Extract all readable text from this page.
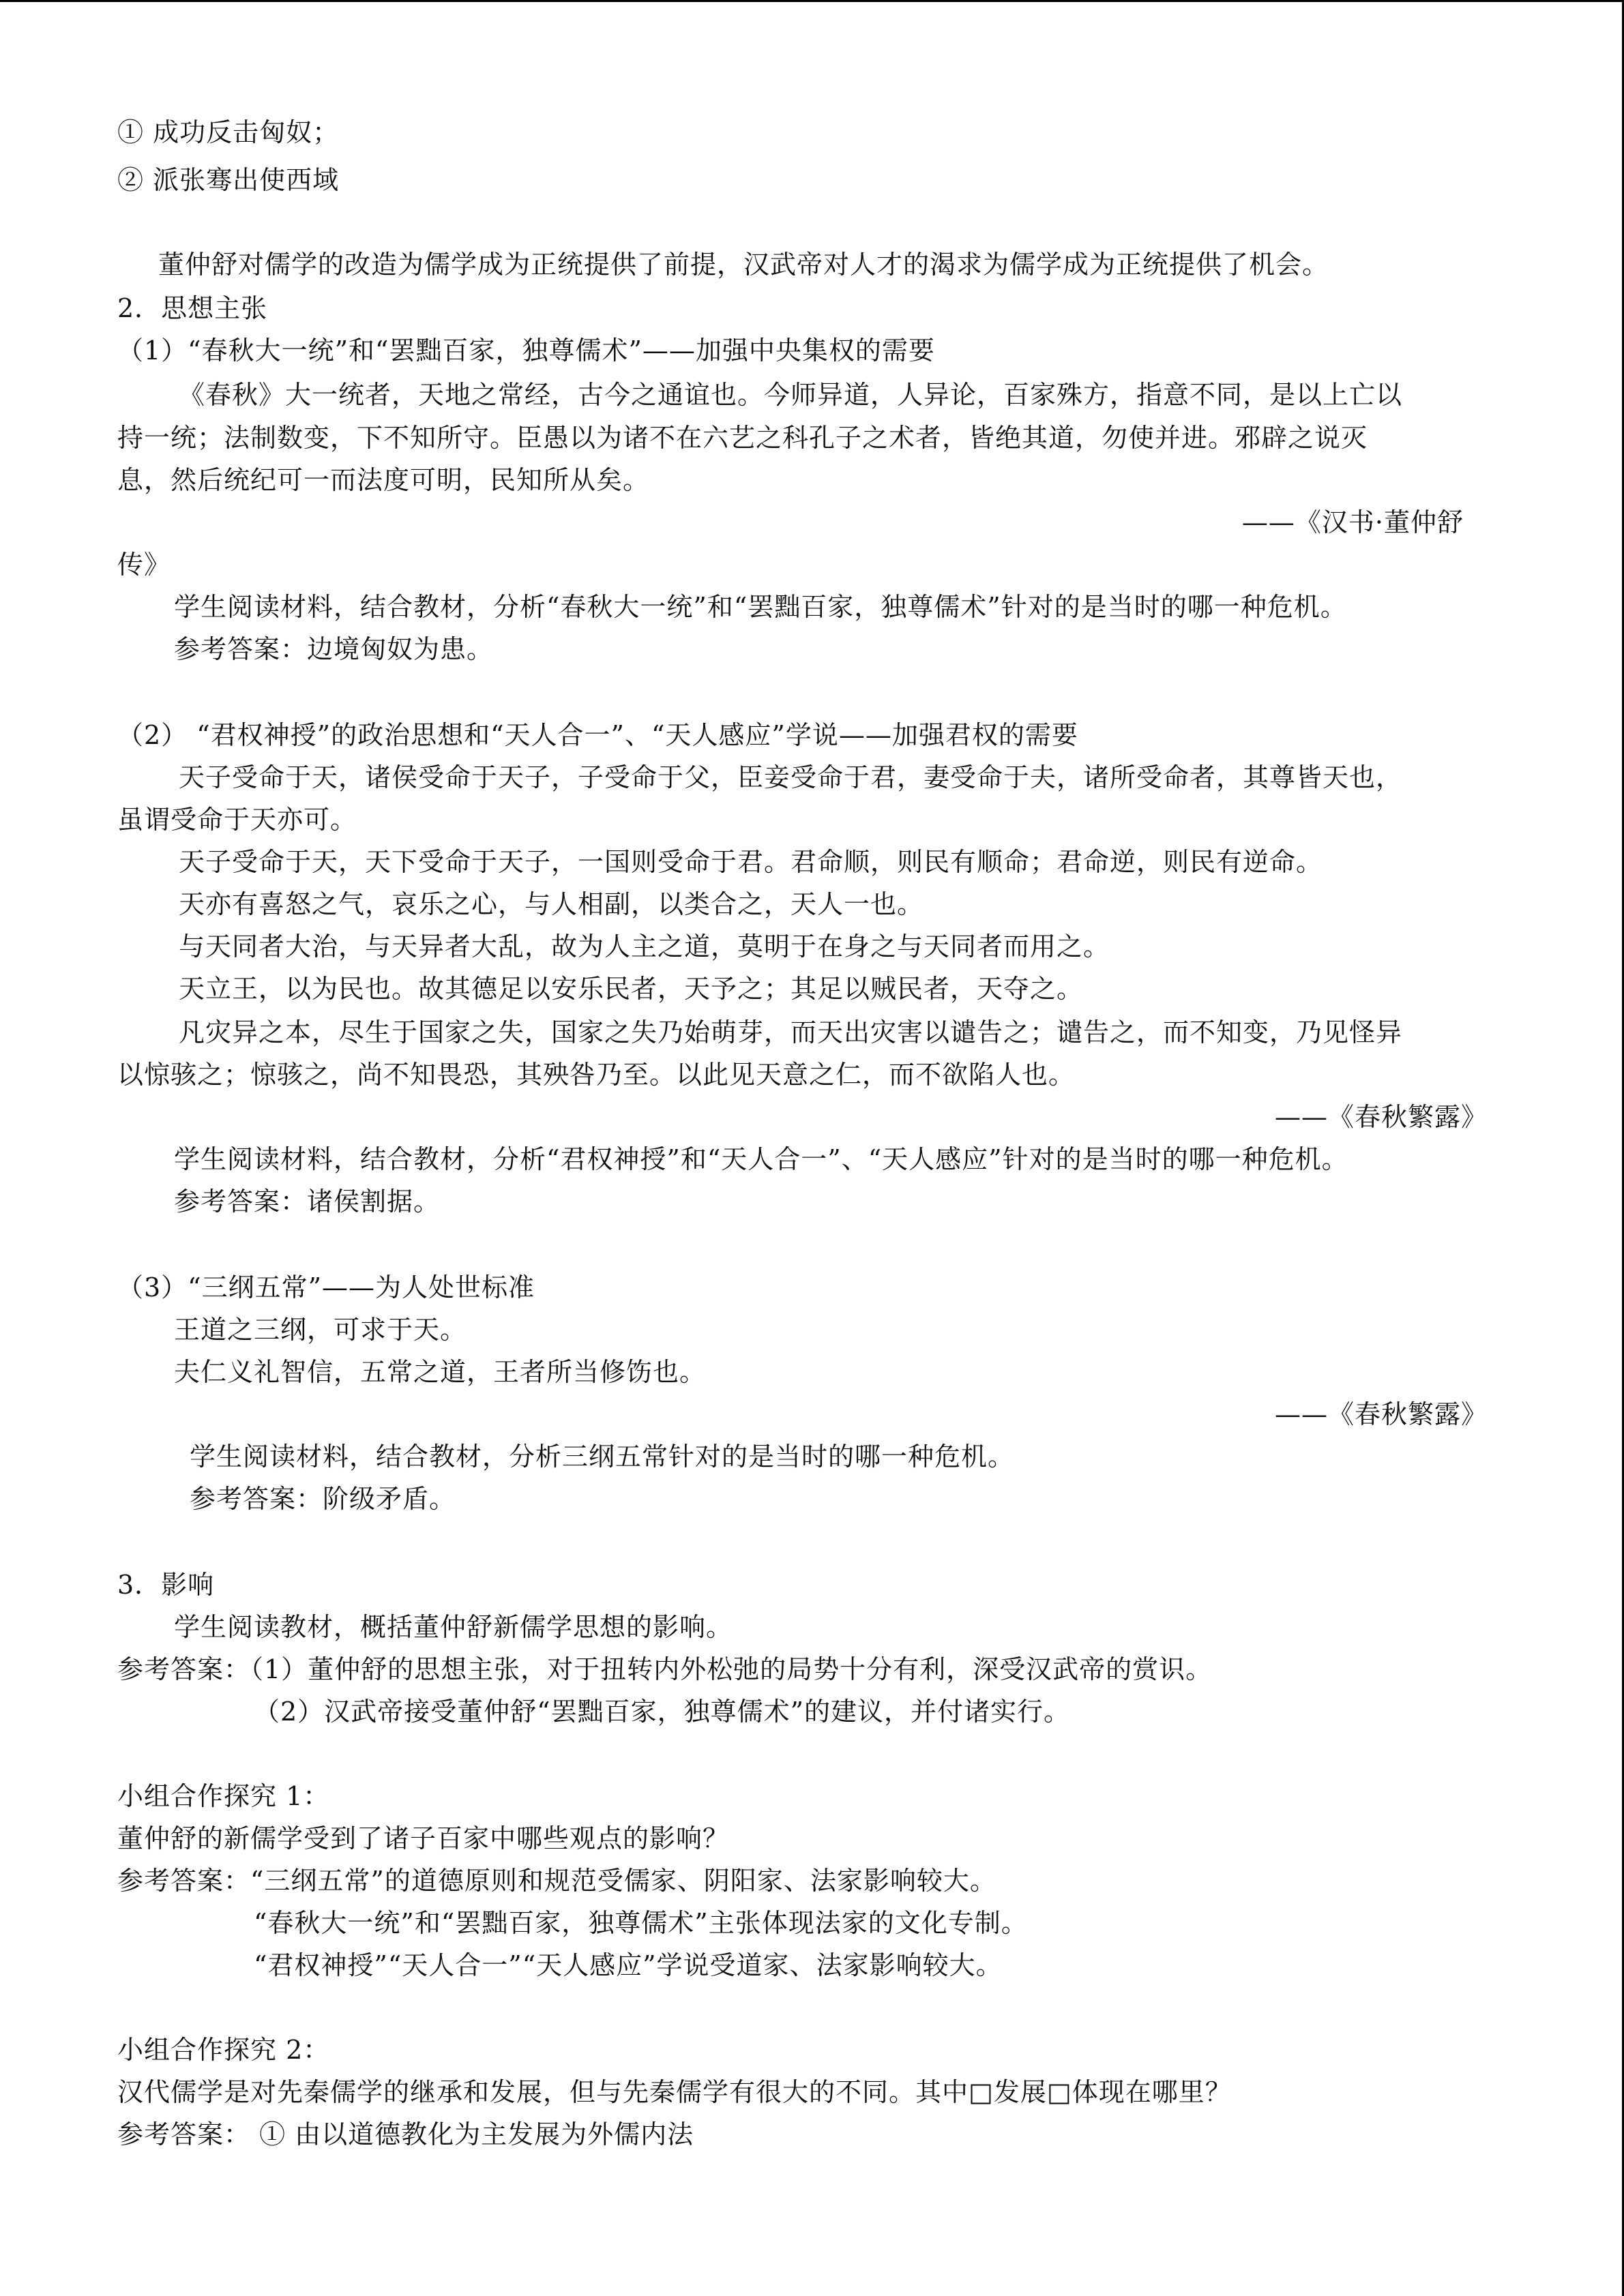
① 成功反击匈奴；
② 派张骞出使西域
董仲舒对儒学的改造为儒学成为正统提供了前提，汉武帝对人才的渴求为儒学成为正统提供了机会。
2．思想主张
（1）“春秋大一统”和“罢黜百家，独尊儒术”——加强中央集权的需要
《春秋》大一统者，天地之常经，古今之通谊也。今师异道，人异论，百家殊方，指意不同，是以上亡以
持一统；法制数变，下不知所守。臣愚以为诸不在六艺之科孔子之术者，皆绝其道，勿使并进。邪辟之说灭
息，然后统纪可一而法度可明，民知所从矣。
——《汉书·董仲舒
传》
学生阅读材料，结合教材，分析“春秋大一统”和“罢黜百家，独尊儒术”针对的是当时的哪一种危机。
参考答案：边境匈奴为患。
（2） “君权神授”的政治思想和“天人合一”、“天人感应”学说——加强君权的需要
天子受命于天，诸侯受命于天子，子受命于父，臣妾受命于君，妻受命于夫，诸所受命者，其尊皆天也，
虽谓受命于天亦可。
天子受命于天，天下受命于天子，一国则受命于君。君命顺，则民有顺命；君命逆，则民有逆命。
天亦有喜怒之气，哀乐之心，与人相副，以类合之，天人一也。
与天同者大治，与天异者大乱，故为人主之道，莫明于在身之与天同者而用之。
天立王，以为民也。故其德足以安乐民者，天予之；其足以贼民者，天夺之。
凡灾异之本，尽生于国家之失，国家之失乃始萌芽，而天出灾害以谴告之；谴告之，而不知变，乃见怪异
以惊骇之；惊骇之，尚不知畏恐，其殃咎乃至。以此见天意之仁，而不欲陷人也。
——《春秋繁露》
学生阅读材料，结合教材，分析“君权神授”和“天人合一”、“天人感应”针对的是当时的哪一种危机。
参考答案：诸侯割据。
（3）“三纲五常”——为人处世标准
王道之三纲，可求于天。
夫仁义礼智信，五常之道，王者所当修饬也。
——《春秋繁露》
学生阅读材料，结合教材，分析三纲五常针对的是当时的哪一种危机。
参考答案：阶级矛盾。
3．影响
学生阅读教材，概括董仲舒新儒学思想的影响。
参考答案：（1）董仲舒的思想主张，对于扭转内外松弛的局势十分有利，深受汉武帝的赏识。
（2）汉武帝接受董仲舒“罢黜百家，独尊儒术”的建议，并付诸实行。
小组合作探究 1：
董仲舒的新儒学受到了诸子百家中哪些观点的影响？
参考答案：“三纲五常”的道德原则和规范受儒家、阴阳家、法家影响较大。
“春秋大一统”和“罢黜百家，独尊儒术”主张体现法家的文化专制。
“君权神授”“天人合一”“天人感应”学说受道家、法家影响较大。
小组合作探究 2：
汉代儒学是对先秦儒学的继承和发展，但与先秦儒学有很大的不同。其中□发展□体现在哪里？
参考答案： ① 由以道德教化为主发展为外儒内法
